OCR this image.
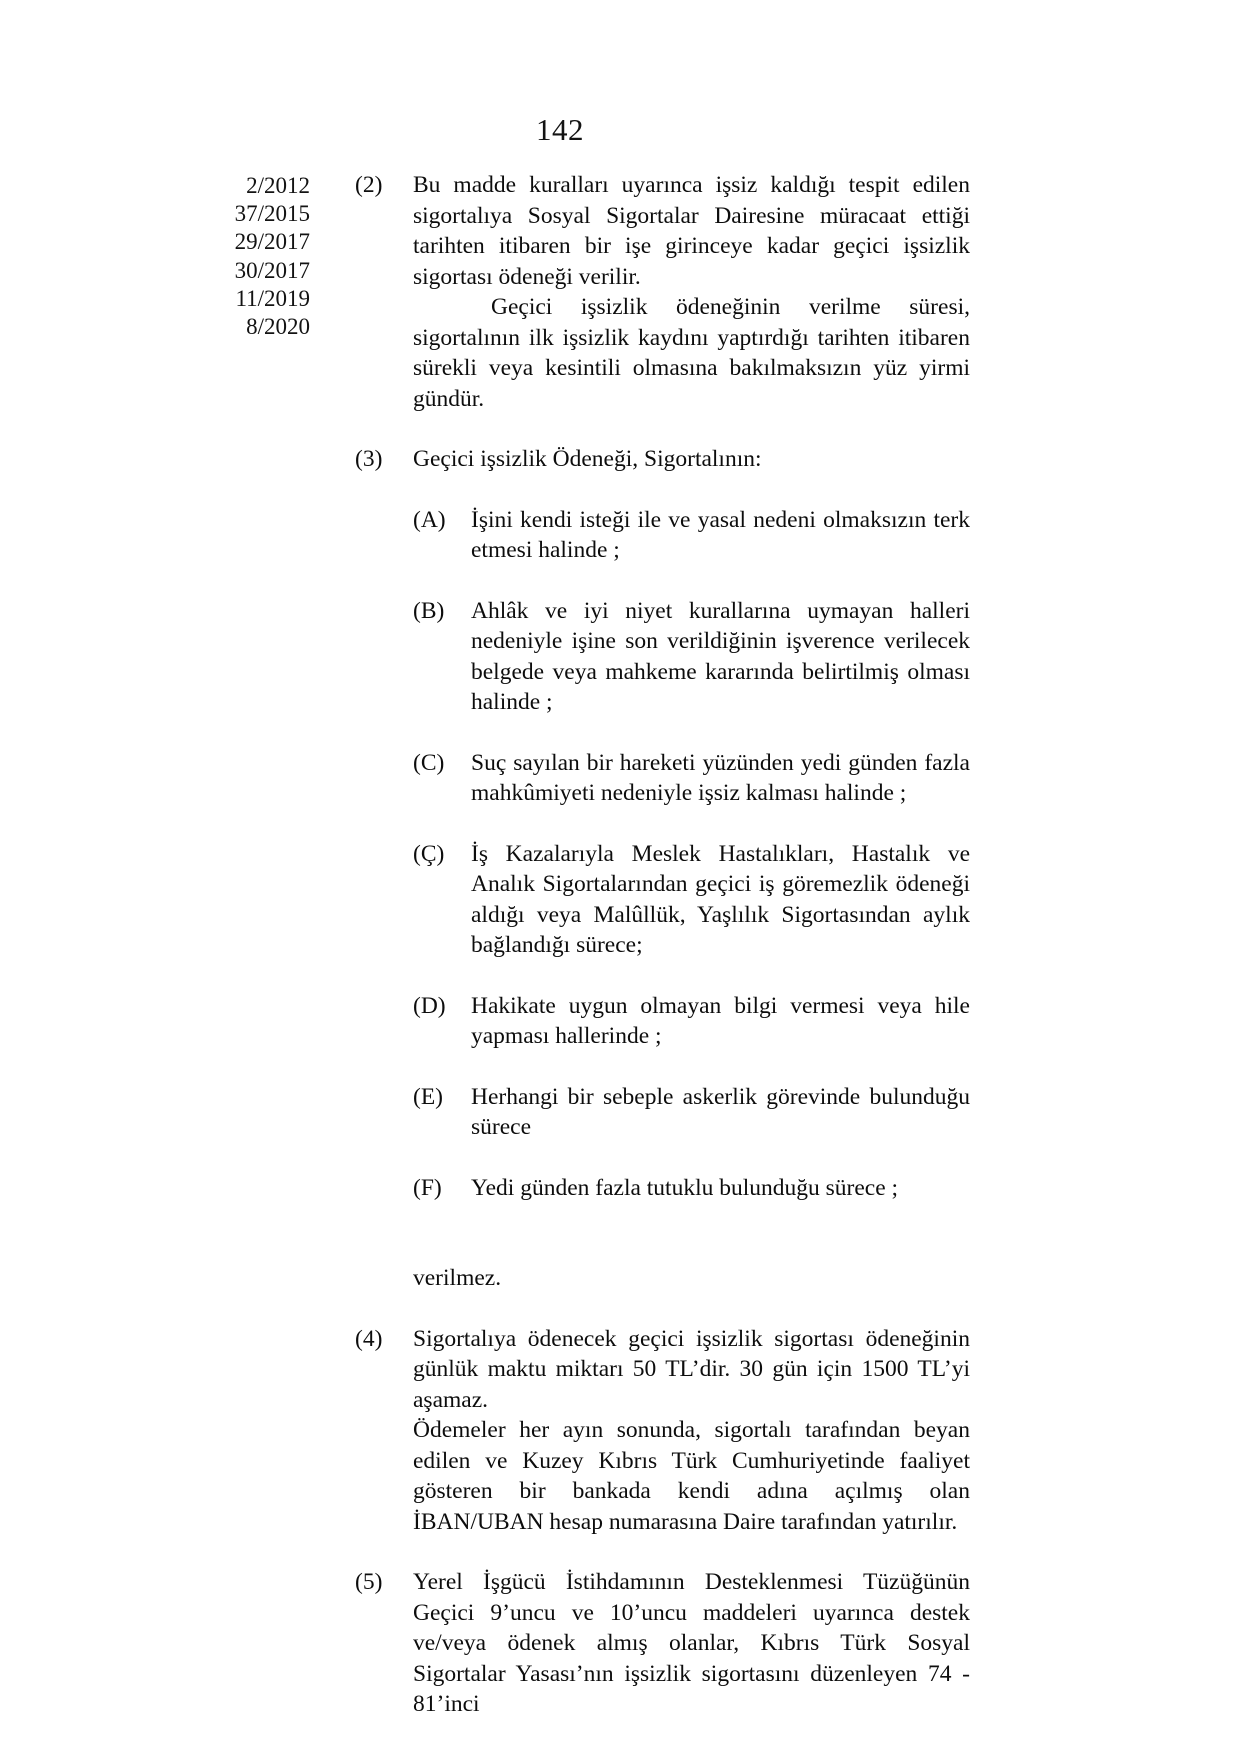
142
2/2012
37/2015
29/2017
30/2017
11/2019
8/2020
(2)	Bu madde kuralları uyarınca işsiz kaldığı tespit edilen sigortalıya Sosyal Sigortalar Dairesine müracaat ettiği tarihten itibaren bir işe girinceye kadar geçici işsizlik sigortası ödeneği verilir.

Geçici işsizlik ödeneğinin verilme süresi, sigortalının ilk işsizlik kaydını yaptırdığı tarihten itibaren sürekli veya kesintili olmasına bakılmaksızın yüz yirmi gündür.

(3)	Geçici işsizlik Ödeneği, Sigortalının:

(A)	İşini kendi isteği ile ve yasal nedeni olmaksızın terk etmesi halinde ;
(B)	Ahlâk ve iyi niyet kurallarına uymayan halleri nedeniyle işine son verildiğinin işverence verilecek belgede veya mahkeme kararında belirtilmiş olması halinde ;
(C)	Suç sayılan bir hareketi yüzünden yedi günden fazla mahkûmiyeti nedeniyle işsiz kalması halinde ;
(Ç)	İş Kazalarıyla Meslek Hastalıkları, Hastalık ve Analık Sigortalarından geçici iş göremezlik ödeneği aldığı veya Malûllük, Yaşlılık Sigortasından aylık bağlandığı sürece;
(D)	Hakikate uygun olmayan bilgi vermesi veya hile yapması hallerinde ;
(E)	Herhangi bir sebeple askerlik görevinde bulunduğu sürece
(F)	Yedi günden fazla tutuklu bulunduğu sürece ;
verilmez.
(4)	Sigortalıya ödenecek geçici işsizlik sigortası ödeneğinin günlük maktu miktarı 50 TL’dir. 30 gün için 1500 TL’yi aşamaz.

Ödemeler her ayın sonunda, sigortalı tarafından beyan edilen ve Kuzey Kıbrıs Türk Cumhuriyetinde faaliyet gösteren bir bankada kendi adına açılmış olan İBAN/UBAN hesap numarasına Daire tarafından yatırılır.

(5)	Yerel İşgücü İstihdamının Desteklenmesi Tüzüğünün Geçici 9’uncu ve 10’uncu maddeleri uyarınca destek ve/veya ödenek almış olanlar, Kıbrıs Türk Sosyal Sigortalar Yasası’nın işsizlik sigortasını düzenleyen 74 - 81’inci
